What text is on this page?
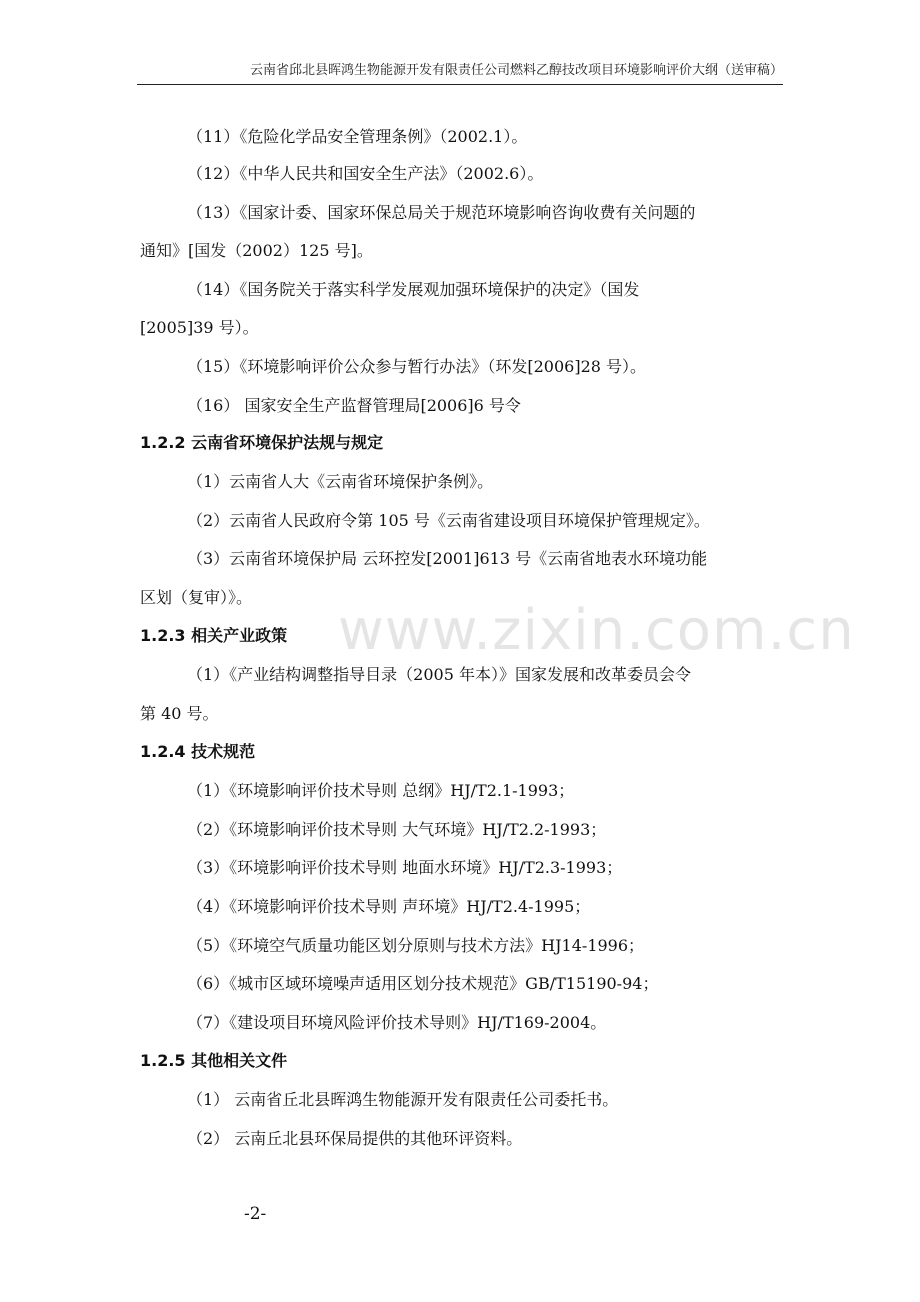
云南省邱北县晖鸿生物能源开发有限责任公司燃料乙醇技改项目环境影响评价大纲（送审稿）
（11）《危险化学品安全管理条例》（2002.1）。
（12）《中华人民共和国安全生产法》（2002.6）。
（13）《国家计委、国家环保总局关于规范环境影响咨询收费有关问题的
通知》[国发（2002）125 号]。
（14）《国务院关于落实科学发展观加强环境保护的决定》（国发
[2005]39 号）。
（15）《环境影响评价公众参与暂行办法》（环发[2006]28 号）。
（16） 国家安全生产监督管理局[2006]6 号令
1.2.2 云南省环境保护法规与规定
（1）云南省人大《云南省环境保护条例》。
（2）云南省人民政府令第 105 号《云南省建设项目环境保护管理规定》。
（3）云南省环境保护局 云环控发[2001]613 号《云南省地表水环境功能
区划（复审）》。
1.2.3 相关产业政策
（1）《产业结构调整指导目录（2005 年本）》国家发展和改革委员会令
第 40 号。
1.2.4 技术规范
（1）《环境影响评价技术导则 总纲》HJ/T2.1-1993；
（2）《环境影响评价技术导则 大气环境》HJ/T2.2-1993；
（3）《环境影响评价技术导则 地面水环境》HJ/T2.3-1993；
（4）《环境影响评价技术导则 声环境》HJ/T2.4-1995；
（5）《环境空气质量功能区划分原则与技术方法》HJ14-1996；
（6）《城市区域环境噪声适用区划分技术规范》GB/T15190-94；
（7）《建设项目环境风险评价技术导则》HJ/T169-2004。
1.2.5 其他相关文件
（1） 云南省丘北县晖鸿生物能源开发有限责任公司委托书。
（2） 云南丘北县环保局提供的其他环评资料。
www.zixin.com.cn
-2-
